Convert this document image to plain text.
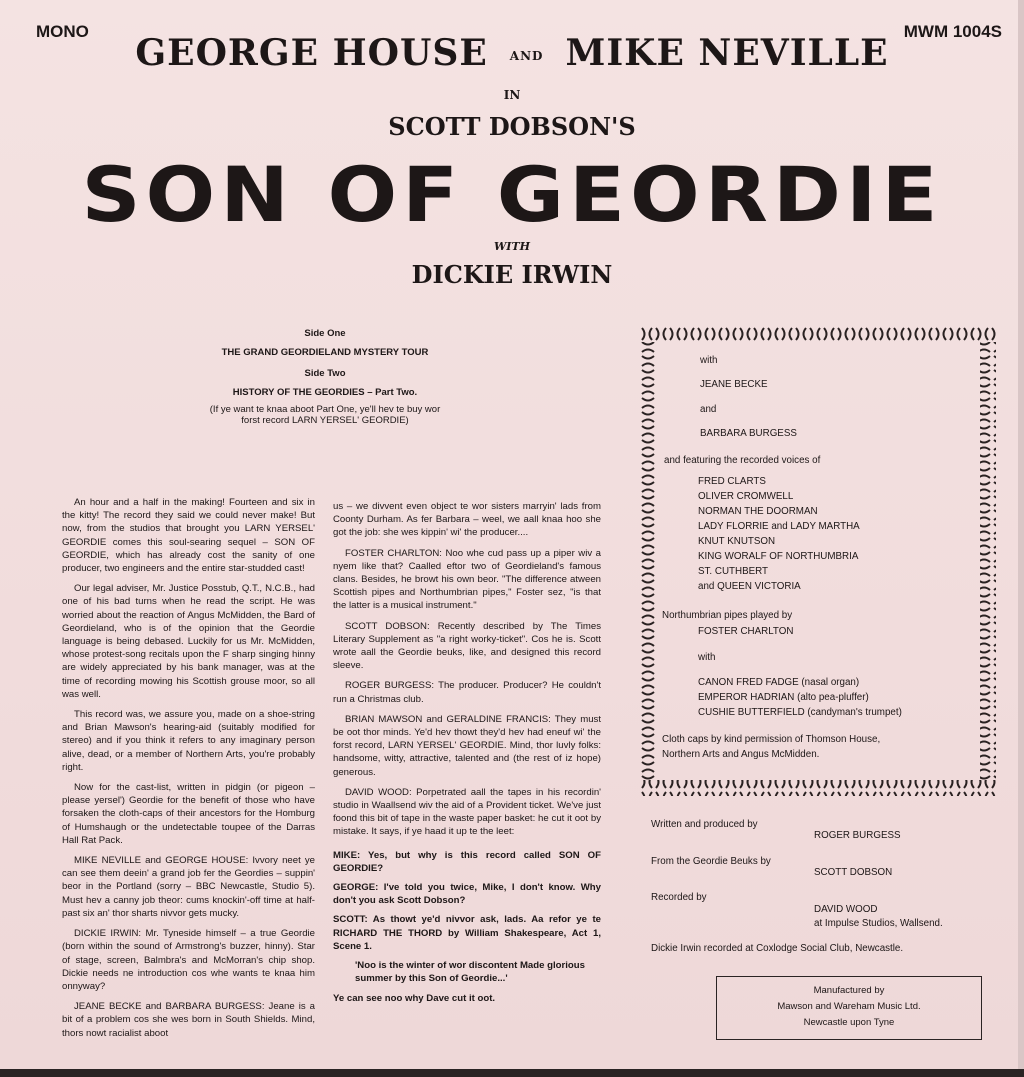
MONO	MWM 1004S
GEORGE HOUSE AND MIKE NEVILLE
IN
SCOTT DOBSON'S
SON OF GEORDIE
WITH
DICKIE IRWIN
Side One
THE GRAND GEORDIELAND MYSTERY TOUR
Side Two
HISTORY OF THE GEORDIES – Part Two.
(If ye want te knaa aboot Part One, ye'll hev te buy wor
forst record LARN YERSEL' GEORDIE)

An hour and a half in the making! Fourteen and six in the kitty! The record they said we could never make! But now, from the studios that brought you LARN YERSEL' GEORDIE comes this soul-searing sequel – SON OF GEORDIE, which has already cost the sanity of one producer, two engineers and the entire star-studded cast!

Our legal adviser, Mr. Justice Posstub, Q.T., N.C.B., had one of his bad turns when he read the script. He was worried about the reaction of Angus McMidden, the Bard of Geordieland, who is of the opinion that the Geordie language is being debased. Luckily for us Mr. McMidden, whose protest-song recitals upon the F sharp singing hinny are widely appreciated by his bank manager, was at the time of recording mowing his Scottish grouse moor, so all was well.

This record was, we assure you, made on a shoe-string and Brian Mawson's hearing-aid (suitably modified for stereo) and if you think it refers to any imaginary person alive, dead, or a member of Northern Arts, you're probably right.

Now for the cast-list, written in pidgin (or pigeon – please yersel') Geordie for the benefit of those who have forsaken the cloth-caps of their ancestors for the Homburg of Humshaugh or the undetectable toupee of the Darras Hall Rat Pack.

MIKE NEVILLE and GEORGE HOUSE: Ivvory neet ye can see them deein' a grand job fer the Geordies – suppin' beor in the Portland (sorry – BBC Newcastle, Studio 5). Must hev a canny job theor: cums knockin'-off time at half-past six an' thor sharts nivvor gets mucky.

DICKIE IRWIN: Mr. Tyneside himself – a true Geordie (born within the sound of Armstrong's buzzer, hinny). Star of stage, screen, Balmbra's and McMorran's chip shop. Dickie needs ne introduction cos whe wants te knaa him onnyway?

JEANE BECKE and BARBARA BURGESS: Jeane is a bit of a problem cos she wes born in South Shields. Mind, thors nowt racialist aboot

us – we divvent even object te wor sisters marryin' lads from Coonty Durham. As fer Barbara – weel, we aall knaa hoo she got the job: she wes kippin' wi' the producer....

FOSTER CHARLTON: Noo whe cud pass up a piper wiv a nyem like that? Caalled eftor two of Geordieland's famous clans. Besides, he browt his own beor. "The difference atween Scottish pipes and Northumbrian pipes," Foster sez, "is that the latter is a musical instrument."

SCOTT DOBSON: Recently described by The Times Literary Supplement as "a right worky-ticket". Cos he is. Scott wrote aall the Geordie beuks, like, and designed this record sleeve.

ROGER BURGESS: The producer. Producer? He couldn't run a Christmas club.

BRIAN MAWSON and GERALDINE FRANCIS: They must be oot thor minds. Ye'd hev thowt they'd hev had eneuf wi' the forst record, LARN YERSEL' GEORDIE. Mind, thor luvly folks: handsome, witty, attractive, talented and (the rest of iz hope) generous.

DAVID WOOD: Porpetrated aall the tapes in his recordin' studio in Waallsend wiv the aid of a Provident ticket. We've just foond this bit of tape in the waste paper basket: he cut it oot by mistake. It says, if ye haad it up te the leet:

MIKE: Yes, but why is this record called SON OF GEORDIE?

GEORGE: I've told you twice, Mike, I don't know. Why don't you ask Scott Dobson?

SCOTT: As thowt ye'd nivvor ask, lads. Aa refor ye te RICHARD THE THORD by William Shakespeare, Act 1, Scene 1.

'Noo is the winter of wor discontent Made glorious summer by this Son of Geordie...'

Ye can see noo why Dave cut it oot.

with
JEANE BECKE
and
BARBARA BURGESS
and featuring the recorded voices of
FRED CLARTS
OLIVER CROMWELL
NORMAN THE DOORMAN
LADY FLORRIE and LADY MARTHA
KNUT KNUTSON
KING WORALF OF NORTHUMBRIA
ST. CUTHBERT
and QUEEN VICTORIA
Northumbrian pipes played by
FOSTER CHARLTON
with
CANON FRED FADGE (nasal organ)
EMPEROR HADRIAN (alto pea-pluffer)
CUSHIE BUTTERFIELD (candyman's trumpet)
Cloth caps by kind permission of Thomson House,
Northern Arts and Angus McMidden.
Written and produced by
ROGER BURGESS
From the Geordie Beuks by
SCOTT DOBSON
Recorded by
DAVID WOOD
at Impulse Studios, Wallsend.
Dickie Irwin recorded at Coxlodge Social Club, Newcastle.
Manufactured by
Mawson and Wareham Music Ltd.
Newcastle upon Tyne
